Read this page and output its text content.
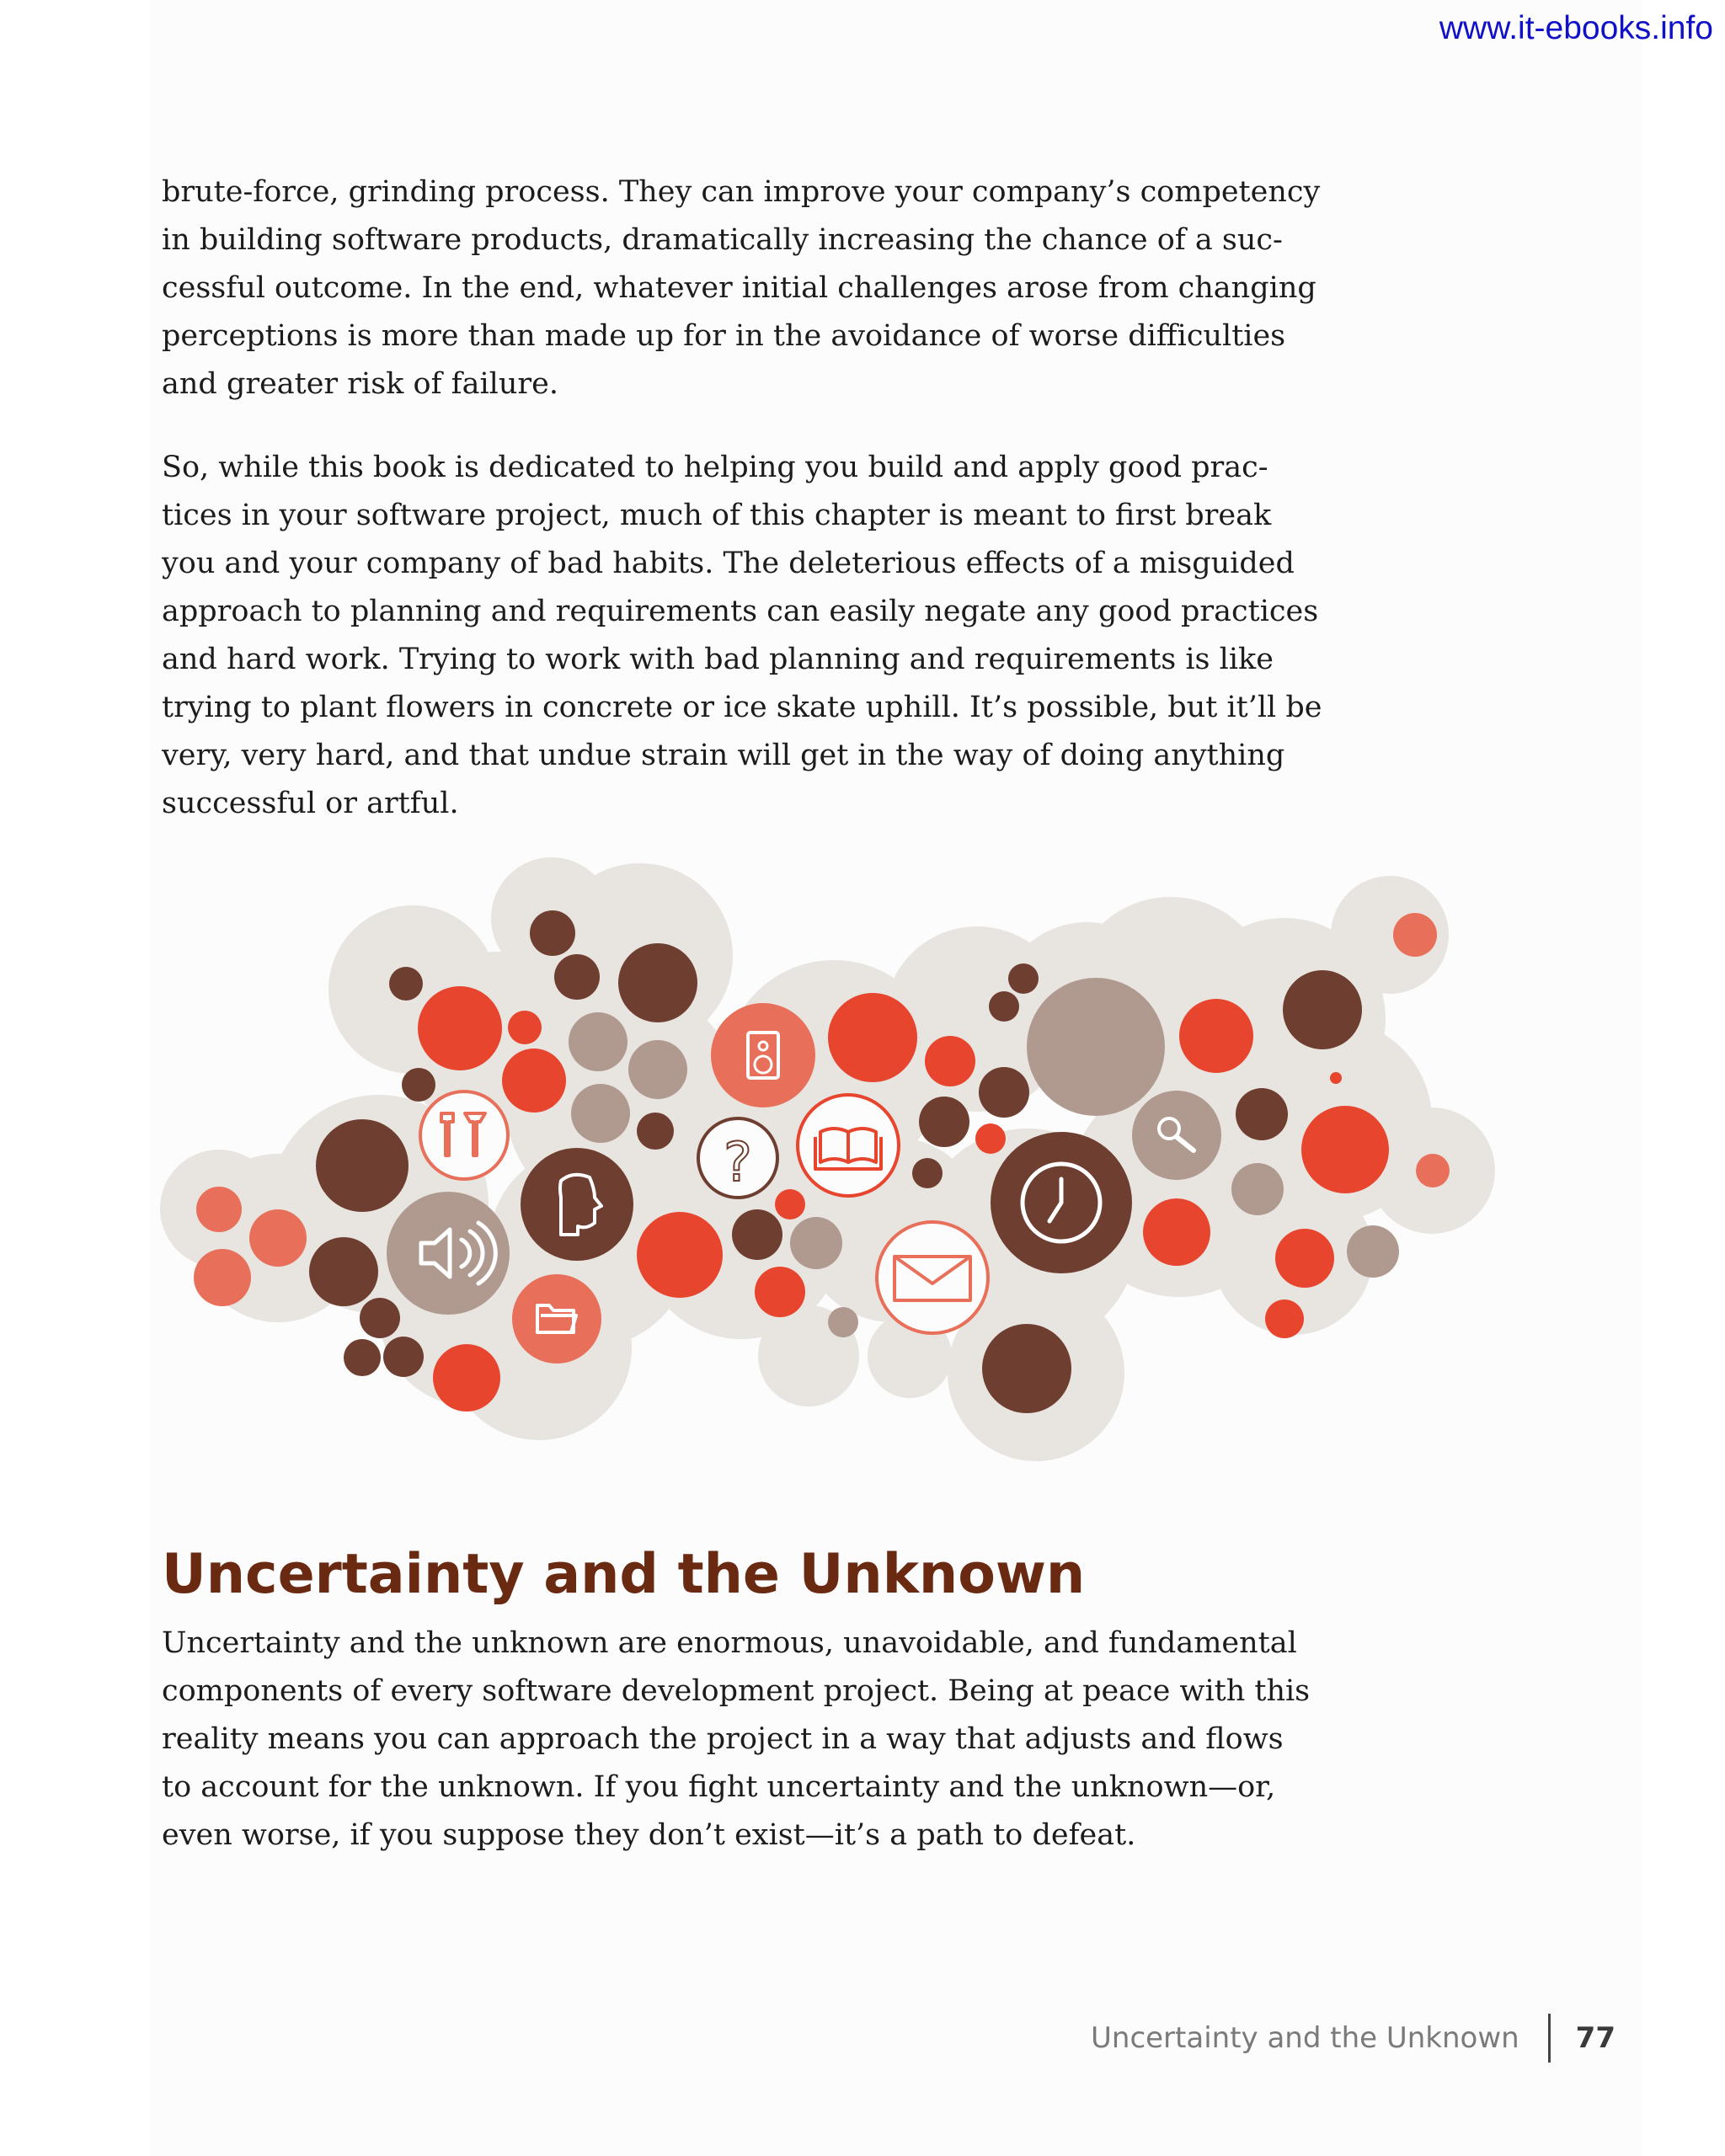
www.it-ebooks.info
brute-force, grinding process. They can improve your company’s competency
in building software products, dramatically increasing the chance of a suc-
cessful outcome. In the end, whatever initial challenges arose from changing
perceptions is more than made up for in the avoidance of worse difficulties
and greater risk of failure.
So, while this book is dedicated to helping you build and apply good prac-
tices in your software project, much of this chapter is meant to first break
you and your company of bad habits. The deleterious effects of a misguided
approach to planning and requirements can easily negate any good practices
and hard work. Trying to work with bad planning and requirements is like
trying to plant flowers in concrete or ice skate uphill. It’s possible, but it’ll be
very, very hard, and that undue strain will get in the way of doing anything
successful or artful.
?
Uncertainty and the Unknown
Uncertainty and the unknown are enormous, unavoidable, and fundamental
components of every software development project. Being at peace with this
reality means you can approach the project in a way that adjusts and flows
to account for the unknown. If you fight uncertainty and the unknown—or,
even worse, if you suppose they don’t exist—it’s a path to defeat.
Uncertainty and the Unknown 77
